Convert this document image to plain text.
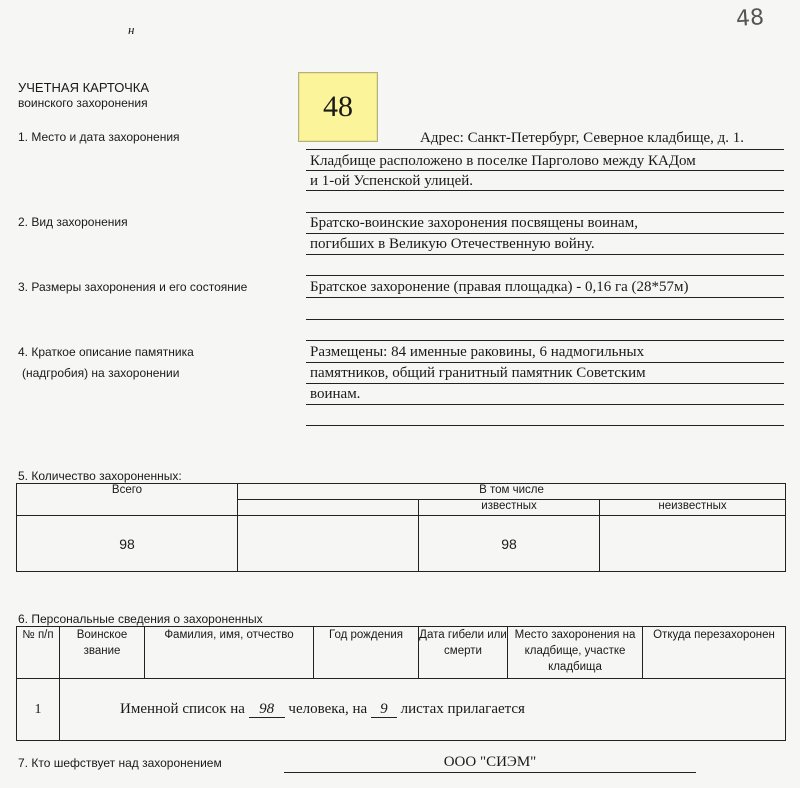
48
н
УЧЕТНАЯ КАРТОЧКА
воинского захоронения	48
1. Место и дата захоронения	Адрес: Санкт-Петербург, Северное кладбище, д. 1.
Кладбище расположено в поселке Парголово между КАДом
и 1-ой Успенской улицей.
2. Вид захоронения	Братско-воинские захоронения посвящены воинам,
погибших в Великую Отечественную войну.
3. Размеры захоронения и его состояние	Братское захоронение (правая площадка) - 0,16 га (28*57м)
4. Краткое описание памятника
(надгробия) на захоронении
Размещены: 84 именные раковины, 6 надмогильных
памятников, общий гранитный памятник Советским
воинам.
5. Количество захороненных:
Всего	В том числе		
		известных	неизвестных
98		98	
6. Персональные сведения о захороненных
№ п/п	Воинское звание	Фамилия, имя, отчество	Год рождения	Дата гибели или смерти	Место захоронения на кладбище, участке кладбища	Откуда перезахоронен
1	Именной список на 98 человека, на 9 листах прилагается					
7. Кто шефствует над захоронением	ООО "СИЭМ"
